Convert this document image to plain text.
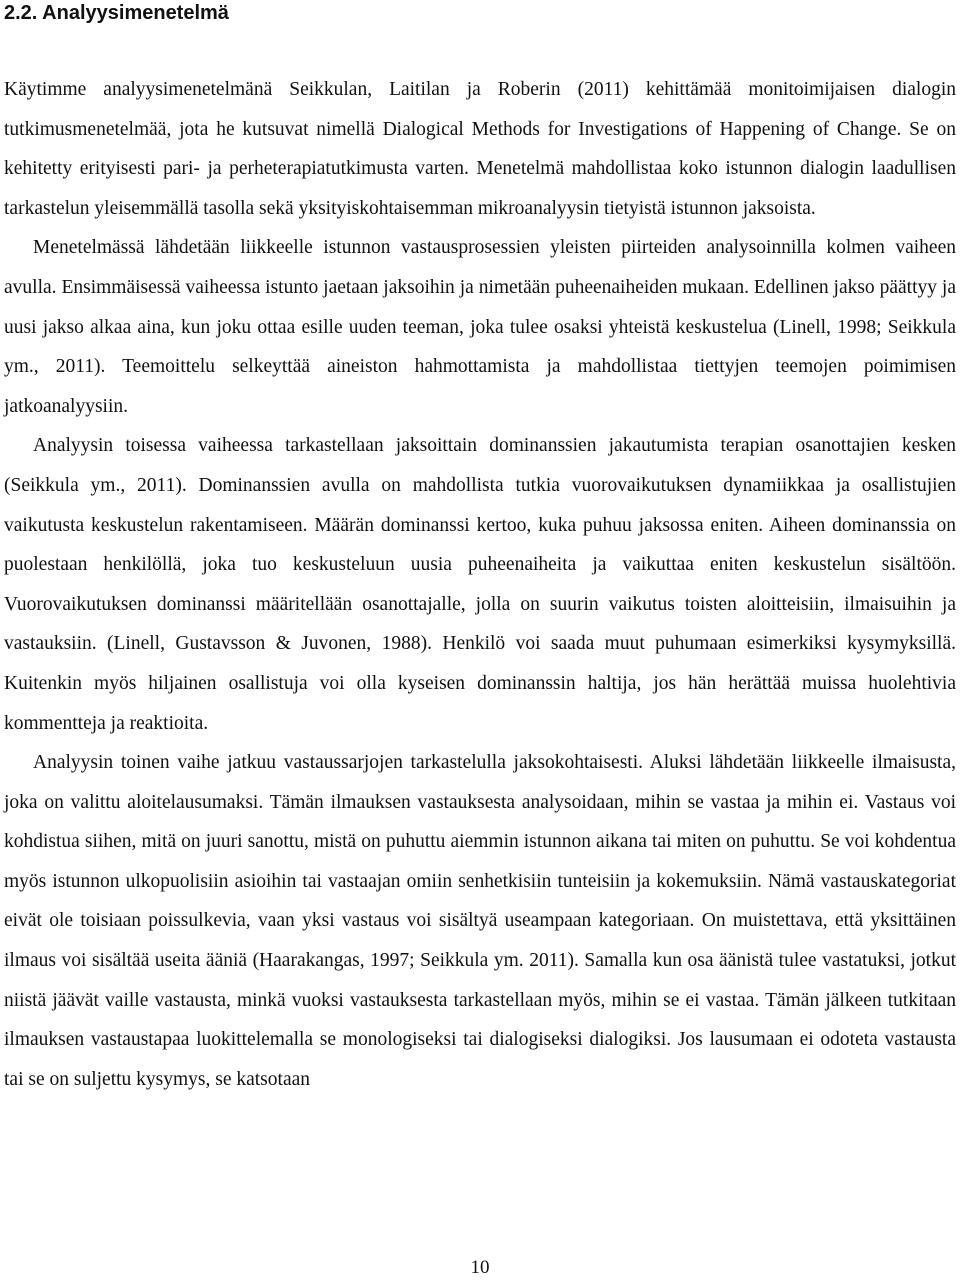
2.2. Analyysimenetelmä

Käytimme analyysimenetelmänä Seikkulan, Laitilan ja Roberin (2011) kehittämää monitoimijaisen dialogin tutkimusmenetelmää, jota he kutsuvat nimellä Dialogical Methods for Investigations of Happening of Change. Se on kehitetty erityisesti pari- ja perheterapiatutkimusta varten. Menetelmä mahdollistaa koko istunnon dialogin laadullisen tarkastelun yleisemmällä tasolla sekä yksityiskohtaisemman mikroanalyysin tietyistä istunnon jaksoista.

Menetelmässä lähdetään liikkeelle istunnon vastausprosessien yleisten piirteiden analysoinnilla kolmen vaiheen avulla. Ensimmäisessä vaiheessa istunto jaetaan jaksoihin ja nimetään puheenaiheiden mukaan. Edellinen jakso päättyy ja uusi jakso alkaa aina, kun joku ottaa esille uuden teeman, joka tulee osaksi yhteistä keskustelua (Linell, 1998; Seikkula ym., 2011). Teemoittelu selkeyttää aineiston hahmottamista ja mahdollistaa tiettyjen teemojen poimimisen jatkoanalyysiin.

Analyysin toisessa vaiheessa tarkastellaan jaksoittain dominanssien jakautumista terapian osanottajien kesken (Seikkula ym., 2011). Dominanssien avulla on mahdollista tutkia vuorovaikutuksen dynamiikkaa ja osallistujien vaikutusta keskustelun rakentamiseen. Määrän dominanssi kertoo, kuka puhuu jaksossa eniten. Aiheen dominanssia on puolestaan henkilöllä, joka tuo keskusteluun uusia puheenaiheita ja vaikuttaa eniten keskustelun sisältöön. Vuorovaikutuksen dominanssi määritellään osanottajalle, jolla on suurin vaikutus toisten aloitteisiin, ilmaisuihin ja vastauksiin. (Linell, Gustavsson & Juvonen, 1988). Henkilö voi saada muut puhumaan esimerkiksi kysymyksillä. Kuitenkin myös hiljainen osallistuja voi olla kyseisen dominanssin haltija, jos hän herättää muissa huolehtivia kommentteja ja reaktioita.

Analyysin toinen vaihe jatkuu vastaussarjojen tarkastelulla jaksokohtaisesti. Aluksi lähdetään liikkeelle ilmaisusta, joka on valittu aloitelausumaksi. Tämän ilmauksen vastauksesta analysoidaan, mihin se vastaa ja mihin ei. Vastaus voi kohdistua siihen, mitä on juuri sanottu, mistä on puhuttu aiemmin istunnon aikana tai miten on puhuttu. Se voi kohdentua myös istunnon ulkopuolisiin asioihin tai vastaajan omiin senhetkisiin tunteisiin ja kokemuksiin. Nämä vastauskategoriat eivät ole toisiaan poissulkevia, vaan yksi vastaus voi sisältyä useampaan kategoriaan. On muistettava, että yksittäinen ilmaus voi sisältää useita ääniä (Haarakangas, 1997; Seikkula ym. 2011). Samalla kun osa äänistä tulee vastatuksi, jotkut niistä jäävät vaille vastausta, minkä vuoksi vastauksesta tarkastellaan myös, mihin se ei vastaa. Tämän jälkeen tutkitaan ilmauksen vastaustapaa luokittelemalla se monologiseksi tai dialogiseksi dialogiksi. Jos lausumaan ei odoteta vastausta tai se on suljettu kysymys, se katsotaan

10
